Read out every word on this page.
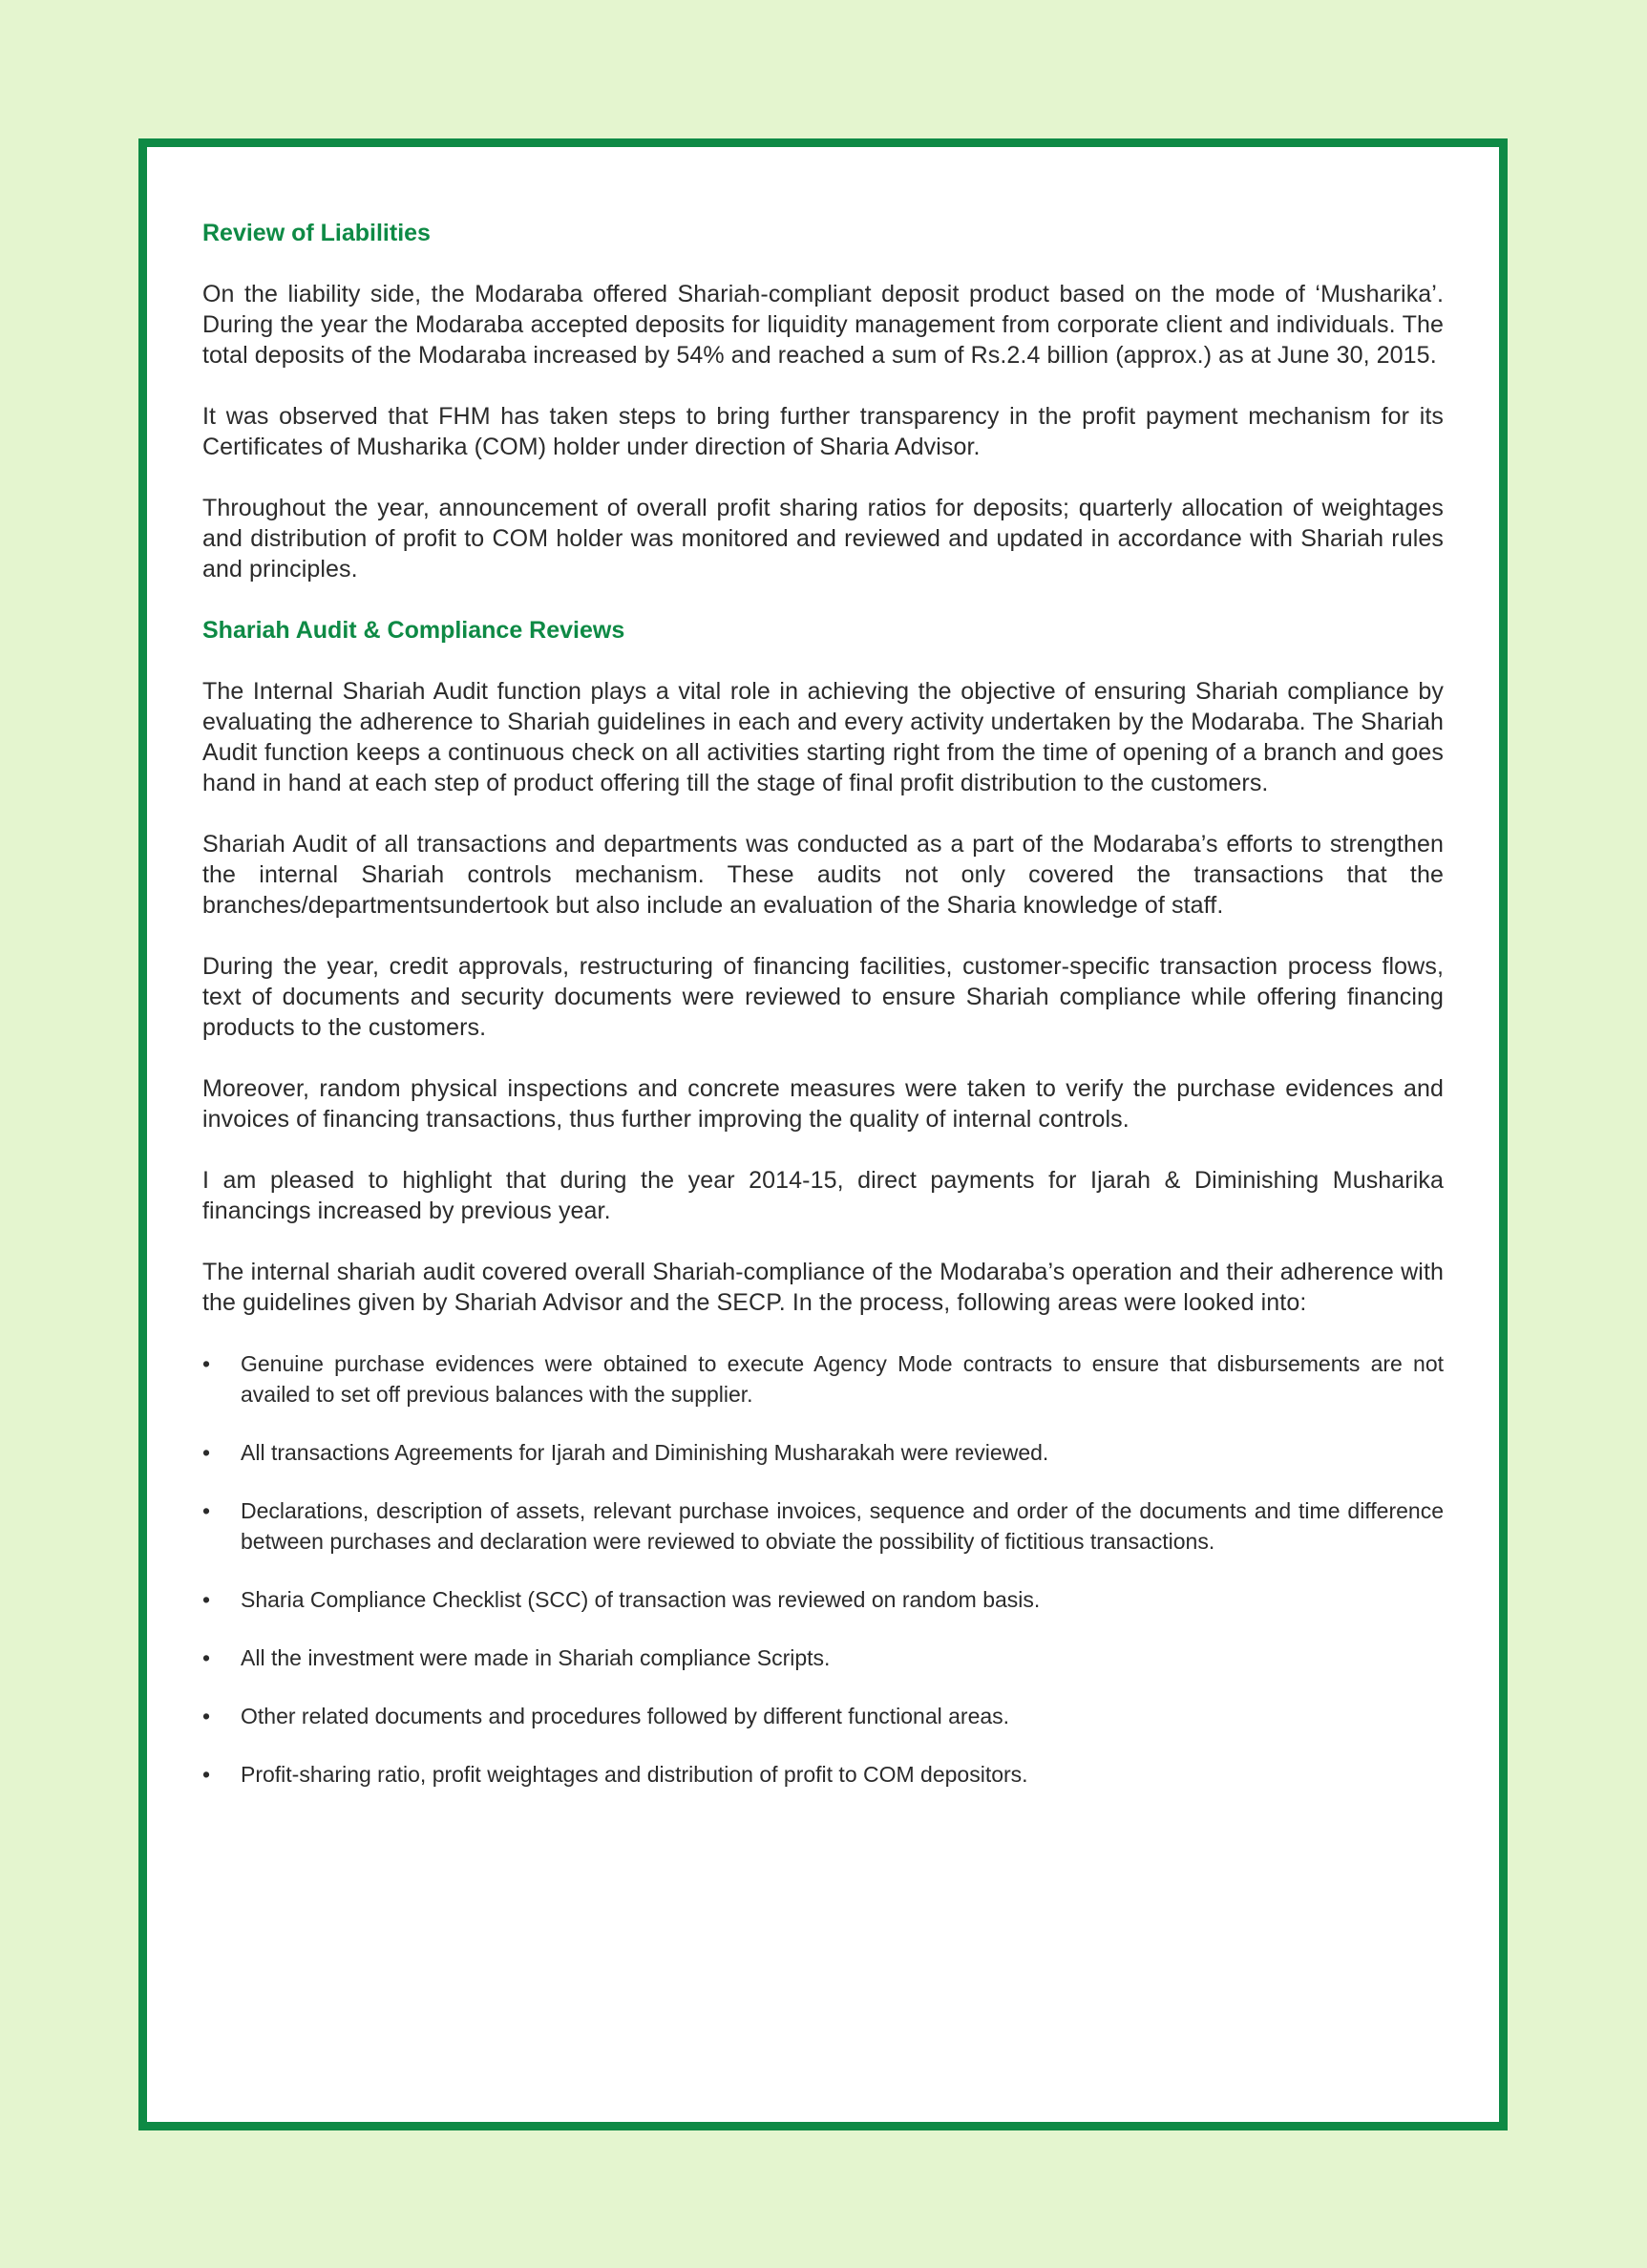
Review of Liabilities

On the liability side, the Modaraba offered Shariah-compliant deposit product based on the mode of ‘Musharika’. During the year the Modaraba accepted deposits for liquidity management from corporate client and individuals. The total deposits of the Modaraba increased by 54% and reached a sum of Rs.2.4 billion (approx.) as at June 30, 2015.

It was observed that FHM has taken steps to bring further transparency in the profit payment mechanism for its Certificates of Musharika (COM) holder under direction of Sharia Advisor.

Throughout the year, announcement of overall profit sharing ratios for deposits; quarterly allocation of weightages and distribution of profit to COM holder was monitored and reviewed and updated in accordance with Shariah rules and principles.

Shariah Audit & Compliance Reviews

The Internal Shariah Audit function plays a vital role in achieving the objective of ensuring Shariah compliance by evaluating the adherence to Shariah guidelines in each and every activity undertaken by the Modaraba. The Shariah Audit function keeps a continuous check on all activities starting right from the time of opening of a branch and goes hand in hand at each step of product offering till the stage of final profit distribution to the customers.

Shariah Audit of all transactions and departments was conducted as a part of the Modaraba’s efforts to strengthen the internal Shariah controls mechanism. These audits not only covered the transactions that the branches/departmentsundertook but also include an evaluation of the Sharia knowledge of staff.

During the year, credit approvals, restructuring of financing facilities, customer-specific transaction process flows, text of documents and security documents were reviewed to ensure Shariah compliance while offering financing products to the customers.

Moreover, random physical inspections and concrete measures were taken to verify the purchase evidences and invoices of financing transactions, thus further improving the quality of internal controls.

I am pleased to highlight that during the year 2014-15, direct payments for Ijarah & Diminishing Musharika financings increased by previous year.

The internal shariah audit covered overall Shariah-compliance of the Modaraba’s operation and their adherence with the guidelines given by Shariah Advisor and the SECP. In the process, following areas were looked into:

• Genuine purchase evidences were obtained to execute Agency Mode contracts to ensure that disbursements are not availed to set off previous balances with the supplier.
• All transactions Agreements for Ijarah and Diminishing Musharakah were reviewed.
• Declarations, description of assets, relevant purchase invoices, sequence and order of the documents and time difference between purchases and declaration were reviewed to obviate the possibility of fictitious transactions.
• Sharia Compliance Checklist (SCC) of transaction was reviewed on random basis.
• All the investment were made in Shariah compliance Scripts.
• Other related documents and procedures followed by different functional areas.
• Profit-sharing ratio, profit weightages and distribution of profit to COM depositors.
